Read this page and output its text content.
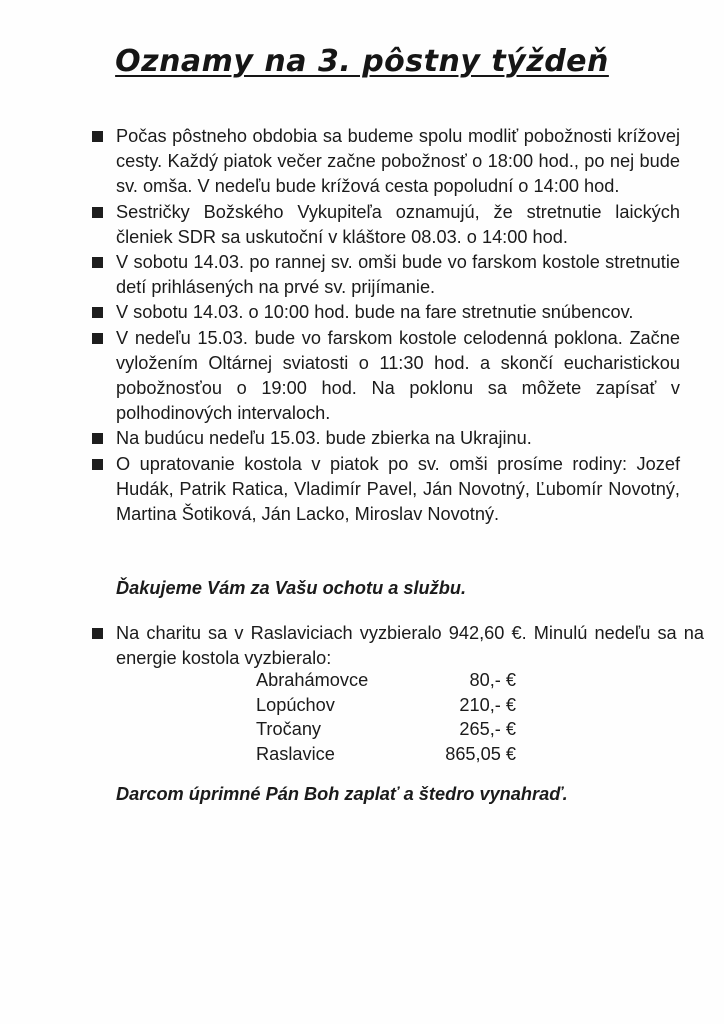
Oznamy na 3. pôstny týždeň
Počas pôstneho obdobia sa budeme spolu modliť pobožnosti krížovej cesty. Každý piatok večer začne pobožnosť o 18:00 hod., po nej bude sv. omša. V nedeľu bude krížová cesta popoludní o 14:00 hod.
Sestričky Božského Vykupiteľa oznamujú, že stretnutie laických členiek SDR sa uskutoční v kláštore 08.03. o 14:00 hod.
V sobotu 14.03. po rannej sv. omši bude vo farskom kostole stretnutie detí prihlásených na prvé sv. prijímanie.
V sobotu 14.03. o 10:00 hod. bude na fare stretnutie snúbencov.
V nedeľu 15.03. bude vo farskom kostole celodenná poklona. Začne vyložením Oltárnej sviatosti o 11:30 hod. a skončí eucharistickou pobožnosťou o 19:00 hod. Na poklonu sa môžete zapísať v polhodinových intervaloch.
Na budúcu nedeľu 15.03. bude zbierka na Ukrajinu.
O upratovanie kostola v piatok po sv. omši prosíme rodiny: Jozef Hudák, Patrik Ratica, Vladimír Pavel, Ján Novotný, Ľubomír Novotný, Martina Šotiková, Ján Lacko, Miroslav Novotný.
Ďakujeme Vám za Vašu ochotu a službu.
Na charitu sa v Raslaviciach vyzbieralo 942,60 €. Minulú nedeľu sa na energie kostola vyzbieralo:
Abrahámovce	80,- €
Lopúchov	210,- €
Tročany	265,- €
Raslavice	865,05 €
Darcom úprimné Pán Boh zaplať a štedro vynahraď.
